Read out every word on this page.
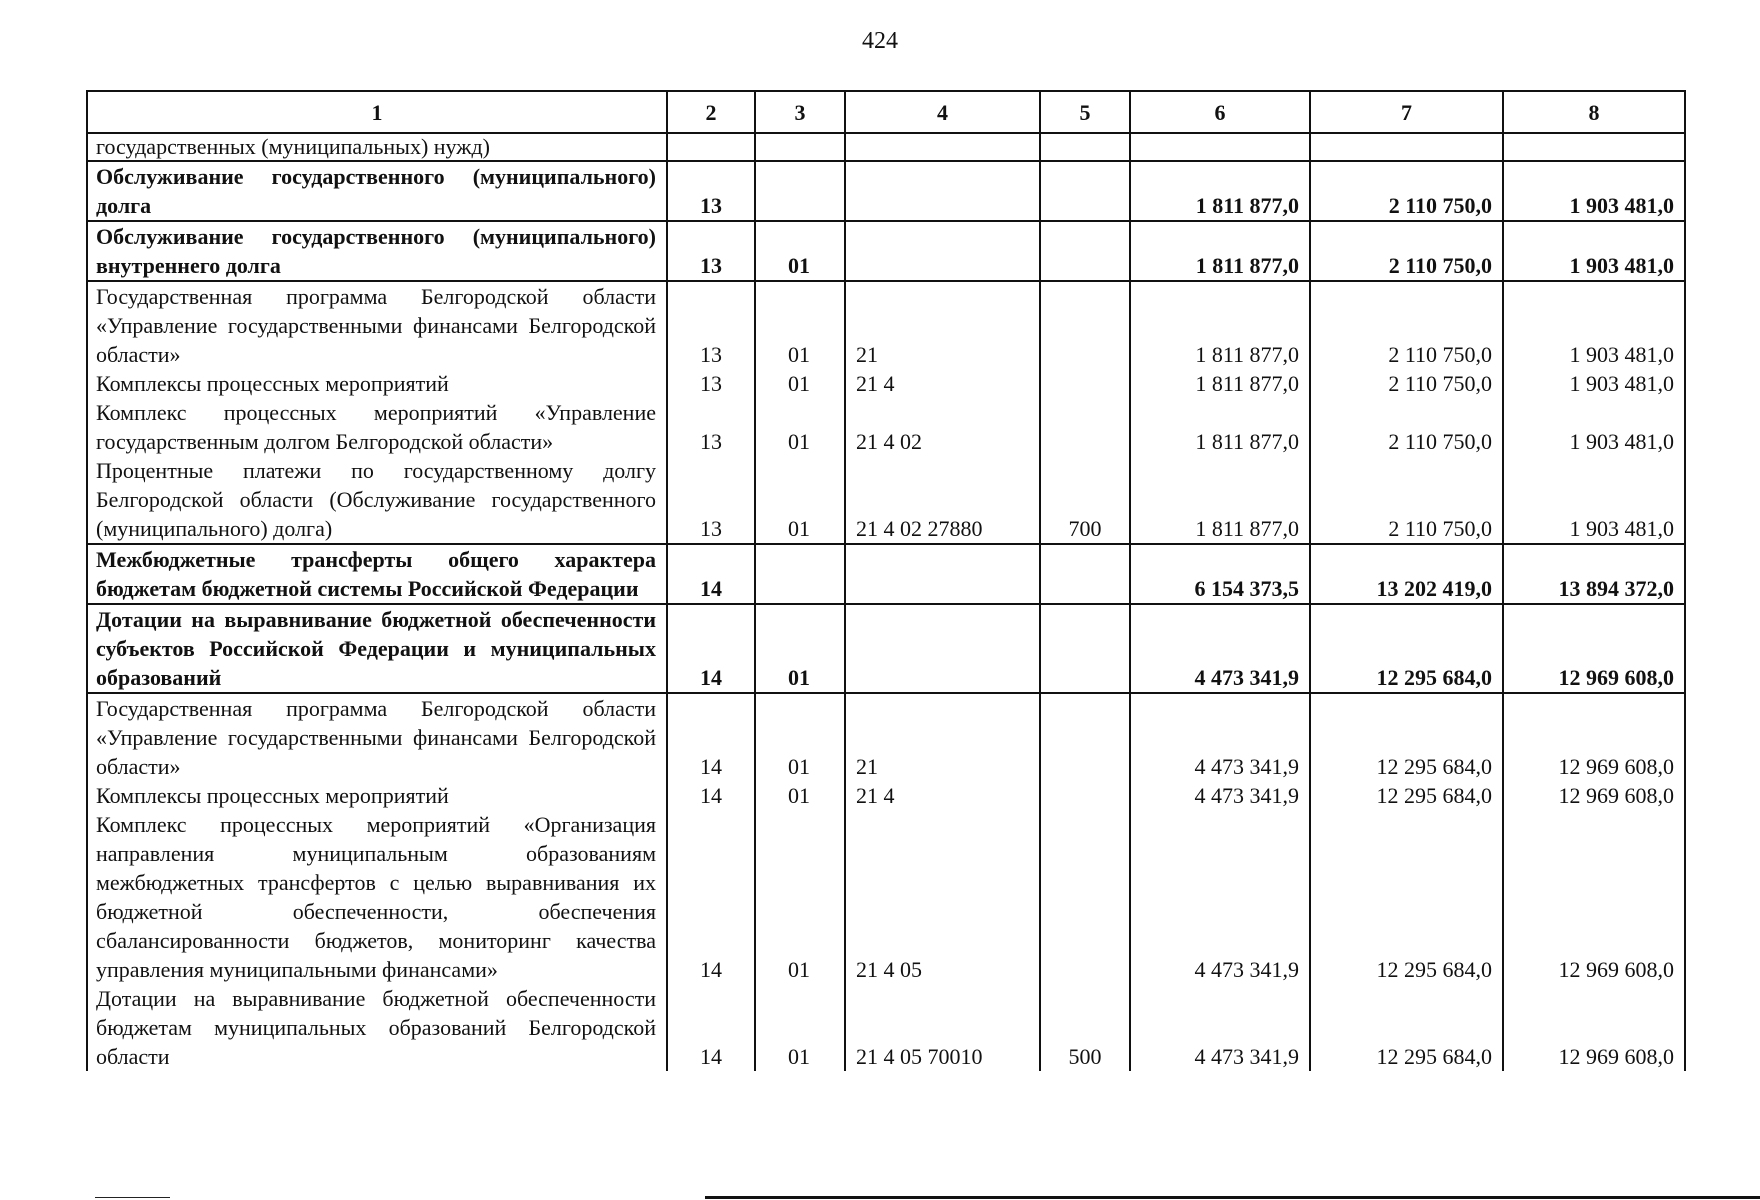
424
1	2	3	4	5	6	7	8
государственных (муниципальных) нужд)							
Обслуживание государственного (муниципального) долга	13				1 811 877,0	2 110 750,0	1 903 481,0
Обслуживание государственного (муниципального) внутреннего долга	13	01			1 811 877,0	2 110 750,0	1 903 481,0
Государственная программа Белгородской области «Управление государственными финансами Белгородской области»	13	01	21		1 811 877,0	2 110 750,0	1 903 481,0
Комплексы процессных мероприятий	13	01	21 4		1 811 877,0	2 110 750,0	1 903 481,0
Комплекс процессных мероприятий «Управление государственным долгом Белгородской области»	13	01	21 4 02		1 811 877,0	2 110 750,0	1 903 481,0
Процентные платежи по государственному долгу Белгородской области (Обслуживание государственного (муниципального) долга)	13	01	21 4 02 27880	700	1 811 877,0	2 110 750,0	1 903 481,0
Межбюджетные трансферты общего характера бюджетам бюджетной системы Российской Федерации	14				6 154 373,5	13 202 419,0	13 894 372,0
Дотации на выравнивание бюджетной обеспеченности субъектов Российской Федерации и муниципальных образований	14	01			4 473 341,9	12 295 684,0	12 969 608,0
Государственная программа Белгородской области «Управление государственными финансами Белгородской области»	14	01	21		4 473 341,9	12 295 684,0	12 969 608,0
Комплексы процессных мероприятий	14	01	21 4		4 473 341,9	12 295 684,0	12 969 608,0
Комплекс процессных мероприятий «Организация направления муниципальным образованиям межбюджетных трансфертов с целью выравнивания их бюджетной обеспеченности, обеспечения сбалансированности бюджетов, мониторинг качества управления муниципальными финансами»	14	01	21 4 05		4 473 341,9	12 295 684,0	12 969 608,0
Дотации на выравнивание бюджетной обеспеченности бюджетам муниципальных образований Белгородской области	14	01	21 4 05 70010	500	4 473 341,9	12 295 684,0	12 969 608,0
